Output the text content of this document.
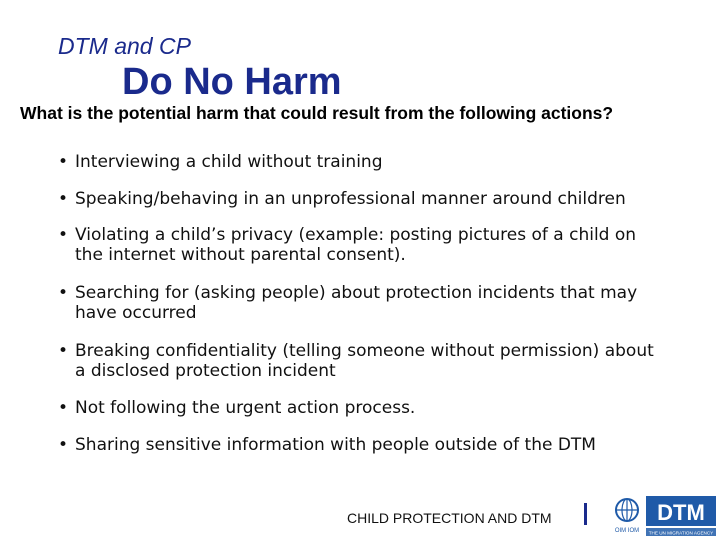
DTM and CP
Do No Harm
What is the potential harm that could result from the following actions?
• Interviewing a child without training
• Speaking/behaving in an unprofessional manner around children
• Violating a child’s privacy (example: posting pictures of a child on the internet without parental consent).
• Searching for (asking people) about protection incidents that may have occurred
• Breaking confidentiality (telling someone without permission) about a disclosed protection incident
• Not following the urgent action process.
• Sharing sensitive information with people outside of the DTM
CHILD PROTECTION AND DTM
OIM IOM
DTM
THE UN MIGRATION AGENCY
